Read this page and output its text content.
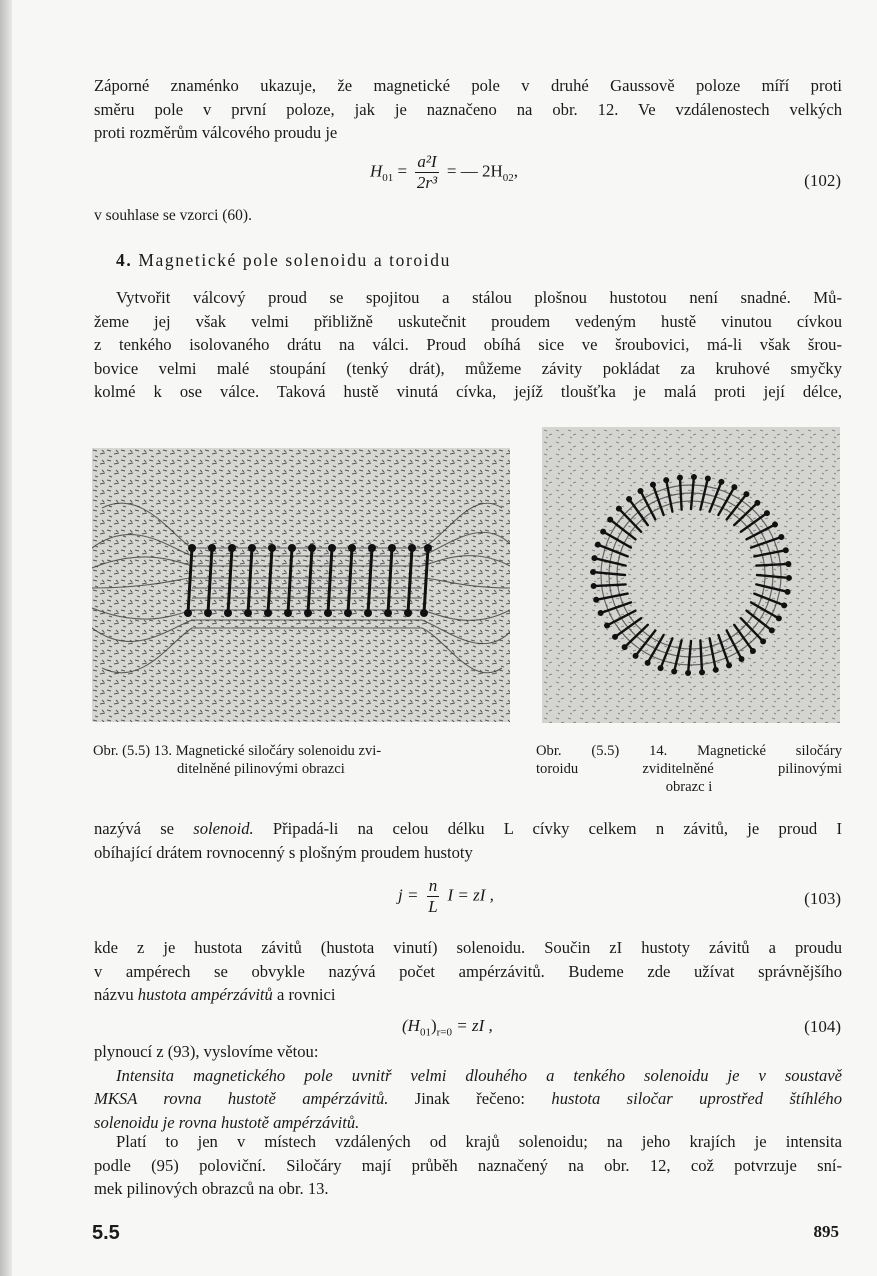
Záporné znaménko ukazuje, že magnetické pole v druhé Gaussově poloze míří proti
směru pole v první poloze, jak je naznačeno na obr. 12. Ve vzdálenostech velkých
proti rozměrům válcového proudu je

$H_{01} = \frac{\text{a²I}}{\text{2r³}}$ = — $2H_{02}$,
(102)

v souhlase se vzorci (60).

4. Magnetické pole solenoidu a toroidu

Vytvořit válcový proud se spojitou a stálou plošnou hustotou není snadné. Mů-
žeme jej však velmi přibližně uskutečnit proudem vedeným hustě vinutou cívkou
z tenkého isolovaného drátu na válci. Proud obíhá sice ve šroubovici, má-li však šrou-
bovice velmi malé stoupání (tenký drát), můžeme závity pokládat za kruhové smyčky
kolmé k ose válce. Taková hustě vinutá cívka, jejíž tloušťka je malá proti její délce,

Obr. (5.5) 13. Magnetické siločáry solenoidu zvi-
ditelněné pilinovými obrazci

Obr. (5.5) 14. Magnetické siločáry
toroidu zviditelněné pilinovými
obrazc i

nazývá se solenoid. Připadá-li na celou délku L cívky celkem n závitů, je proud I
obíhající drátem rovnocenný s plošným proudem hustoty

$j = \frac{n}{L}$ I = zI ,	(103)

kde z je hustota závitů (hustota vinutí) solenoidu. Součin zI hustoty závitů a proudu
v ampérech se obvykle nazývá počet ampérzávitů. Budeme zde užívat správnějšího
názvu hustota ampérzávitů a rovnici

$(H_{01})_{r=0}$ = zI ,	(104)

plynoucí z (93), vyslovíme větou:
Intensita magnetického pole uvnitř velmi dlouhého a tenkého solenoidu je v soustavě
MKSA rovna hustotě ampérzávitů. Jinak řečeno: hustota siločar uprostřed štíhlého
solenoidu je rovna hustotě ampérzávitů.

Platí to jen v místech vzdálených od krajů solenoidu; na jeho krajích je intensita
podle (95) poloviční. Siločáry mají průběh naznačený na obr. 12, což potvrzuje sní-
mek pilinových obrazců na obr. 13.

5.5	895
